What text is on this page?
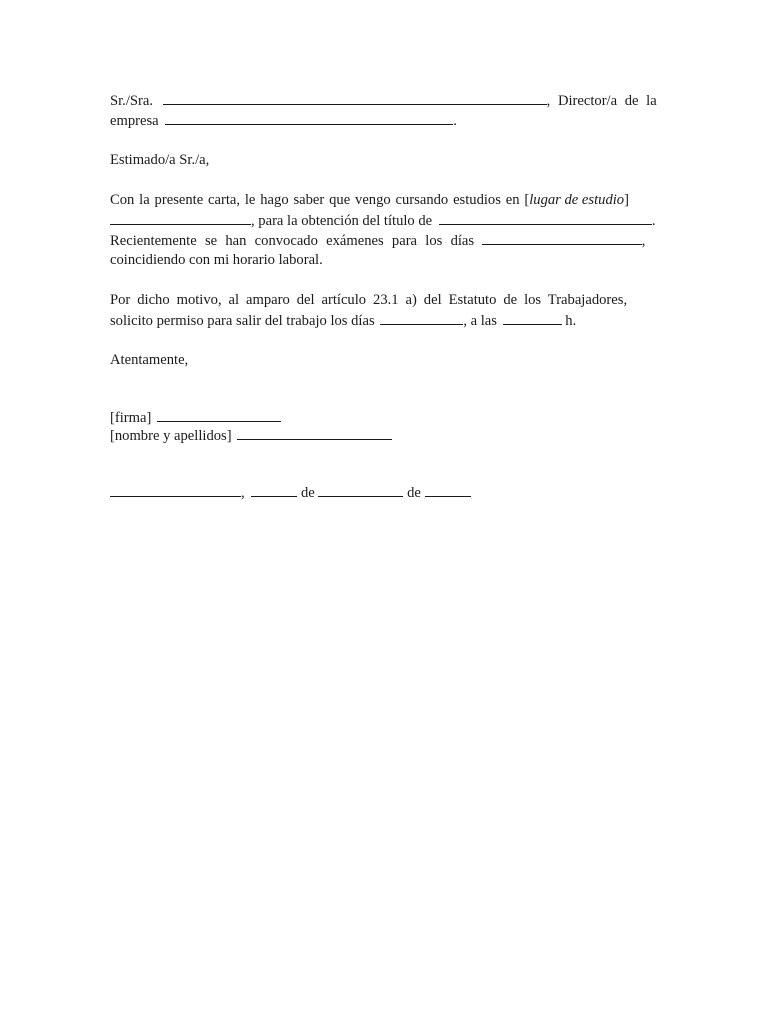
Sr./Sra.	, Director/a de la
empresa	.
Estimado/a Sr./a,
Con la presente carta, le hago saber que vengo cursando estudios en [lugar de estudio]
, para la obtención del título de	.
Recientemente se han convocado exámenes para los días	,
coincidiendo con mi horario laboral.
Por dicho motivo, al amparo del artículo 23.1 a) del Estatuto de los Trabajadores,
solicito permiso para salir del trabajo los días	, a las	h.
Atentamente,
[firma]
[nombre y apellidos]
,	de	de
